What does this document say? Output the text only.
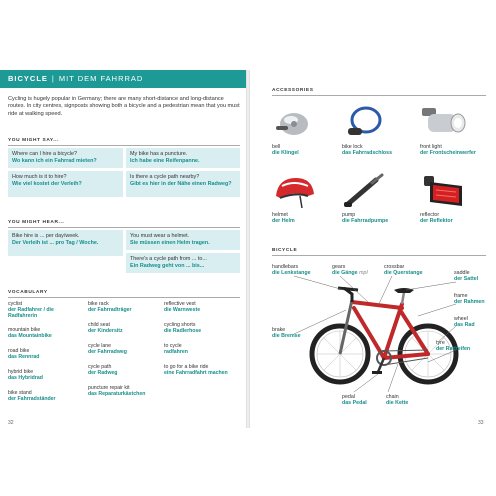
BICYCLE | MIT DEM FAHRRAD
Cycling is hugely popular in Germany; there are many short-distance and long-distance routes. In city centres, signposts showing both a bicycle and a pedestrian mean that you must ride at walking speed.
YOU MIGHT SAY...
Where can I hire a bicycle?
Wo kann ich ein Fahrrad mieten?
My bike has a puncture.
Ich habe eine Reifenpanne.
How much is it to hire?
Wie viel kostet der Verleih?
Is there a cycle path nearby?
Gibt es hier in der Nähe einen Radweg?
YOU MIGHT HEAR...
Bike hire is ... per day/week.
Der Verleih ist ... pro Tag / Woche.
You must wear a helmet.
Sie müssen einen Helm tragen.
There's a cycle path from ... to...
Ein Radweg geht von ... bis...
VOCABULARY
cyclist
der Radfahrer / die Radfahrerin
mountain bike
das Mountainbike
road bike
das Rennrad
hybrid bike
das Hybridrad
bike stand
der Fahrradständer
bike rack
der Fahrradträger
child seat
der Kindersitz
cycle lane
der Fahrradweg
cycle path
der Radweg
puncture repair kit
das Reparaturkästchen
reflective vest
die Warnweste
cycling shorts
die Radlerhose
to cycle
radfahren
to go for a bike ride
eine Fahrradfahrt machen
32
ACCESSORIES
bell
die Klingel
bike lock
das Fahrradschloss
front light
der Frontscheinwerfer
helmet
der Helm
pump
die Fahrradpumpe
reflector
der Reflektor
BICYCLE
handlebars
die Lenkstange
gears
die Gänge mpl
crossbar
die Querstange	saddle
der Sattel
frame
der Rahmen
brake
die Bremse
wheel
das Rad
tyre
der Radreifen
pedal
das Pedal
chain
die Kette
33
